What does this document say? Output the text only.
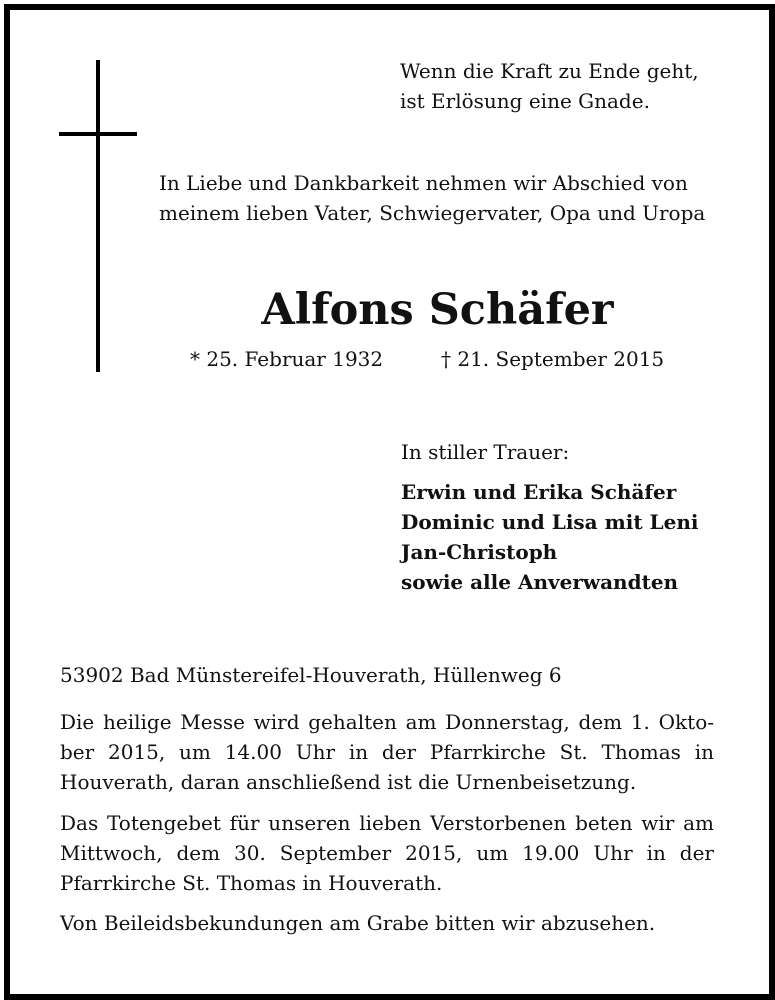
Wenn die Kraft zu Ende geht,
ist Erlösung eine Gnade.
In Liebe und Dankbarkeit nehmen wir Abschied von
meinem lieben Vater, Schwiegervater, Opa und Uropa
Alfons Schäfer
* 25. Februar 1932	† 21. September 2015
In stiller Trauer:
Erwin und Erika Schäfer
Dominic und Lisa mit Leni
Jan-Christoph
sowie alle Anverwandten
53902 Bad Münstereifel-Houverath, Hüllenweg 6
Die heilige Messe wird gehalten am Donnerstag, dem 1. Okto-
ber 2015, um 14.00 Uhr in der Pfarrkirche St. Thomas in
Houverath, daran anschließend ist die Urnenbeisetzung.
Das Totengebet für unseren lieben Verstorbenen beten wir am
Mittwoch, dem 30. September 2015, um 19.00 Uhr in der
Pfarrkirche St. Thomas in Houverath.
Von Beileidsbekundungen am Grabe bitten wir abzusehen.
